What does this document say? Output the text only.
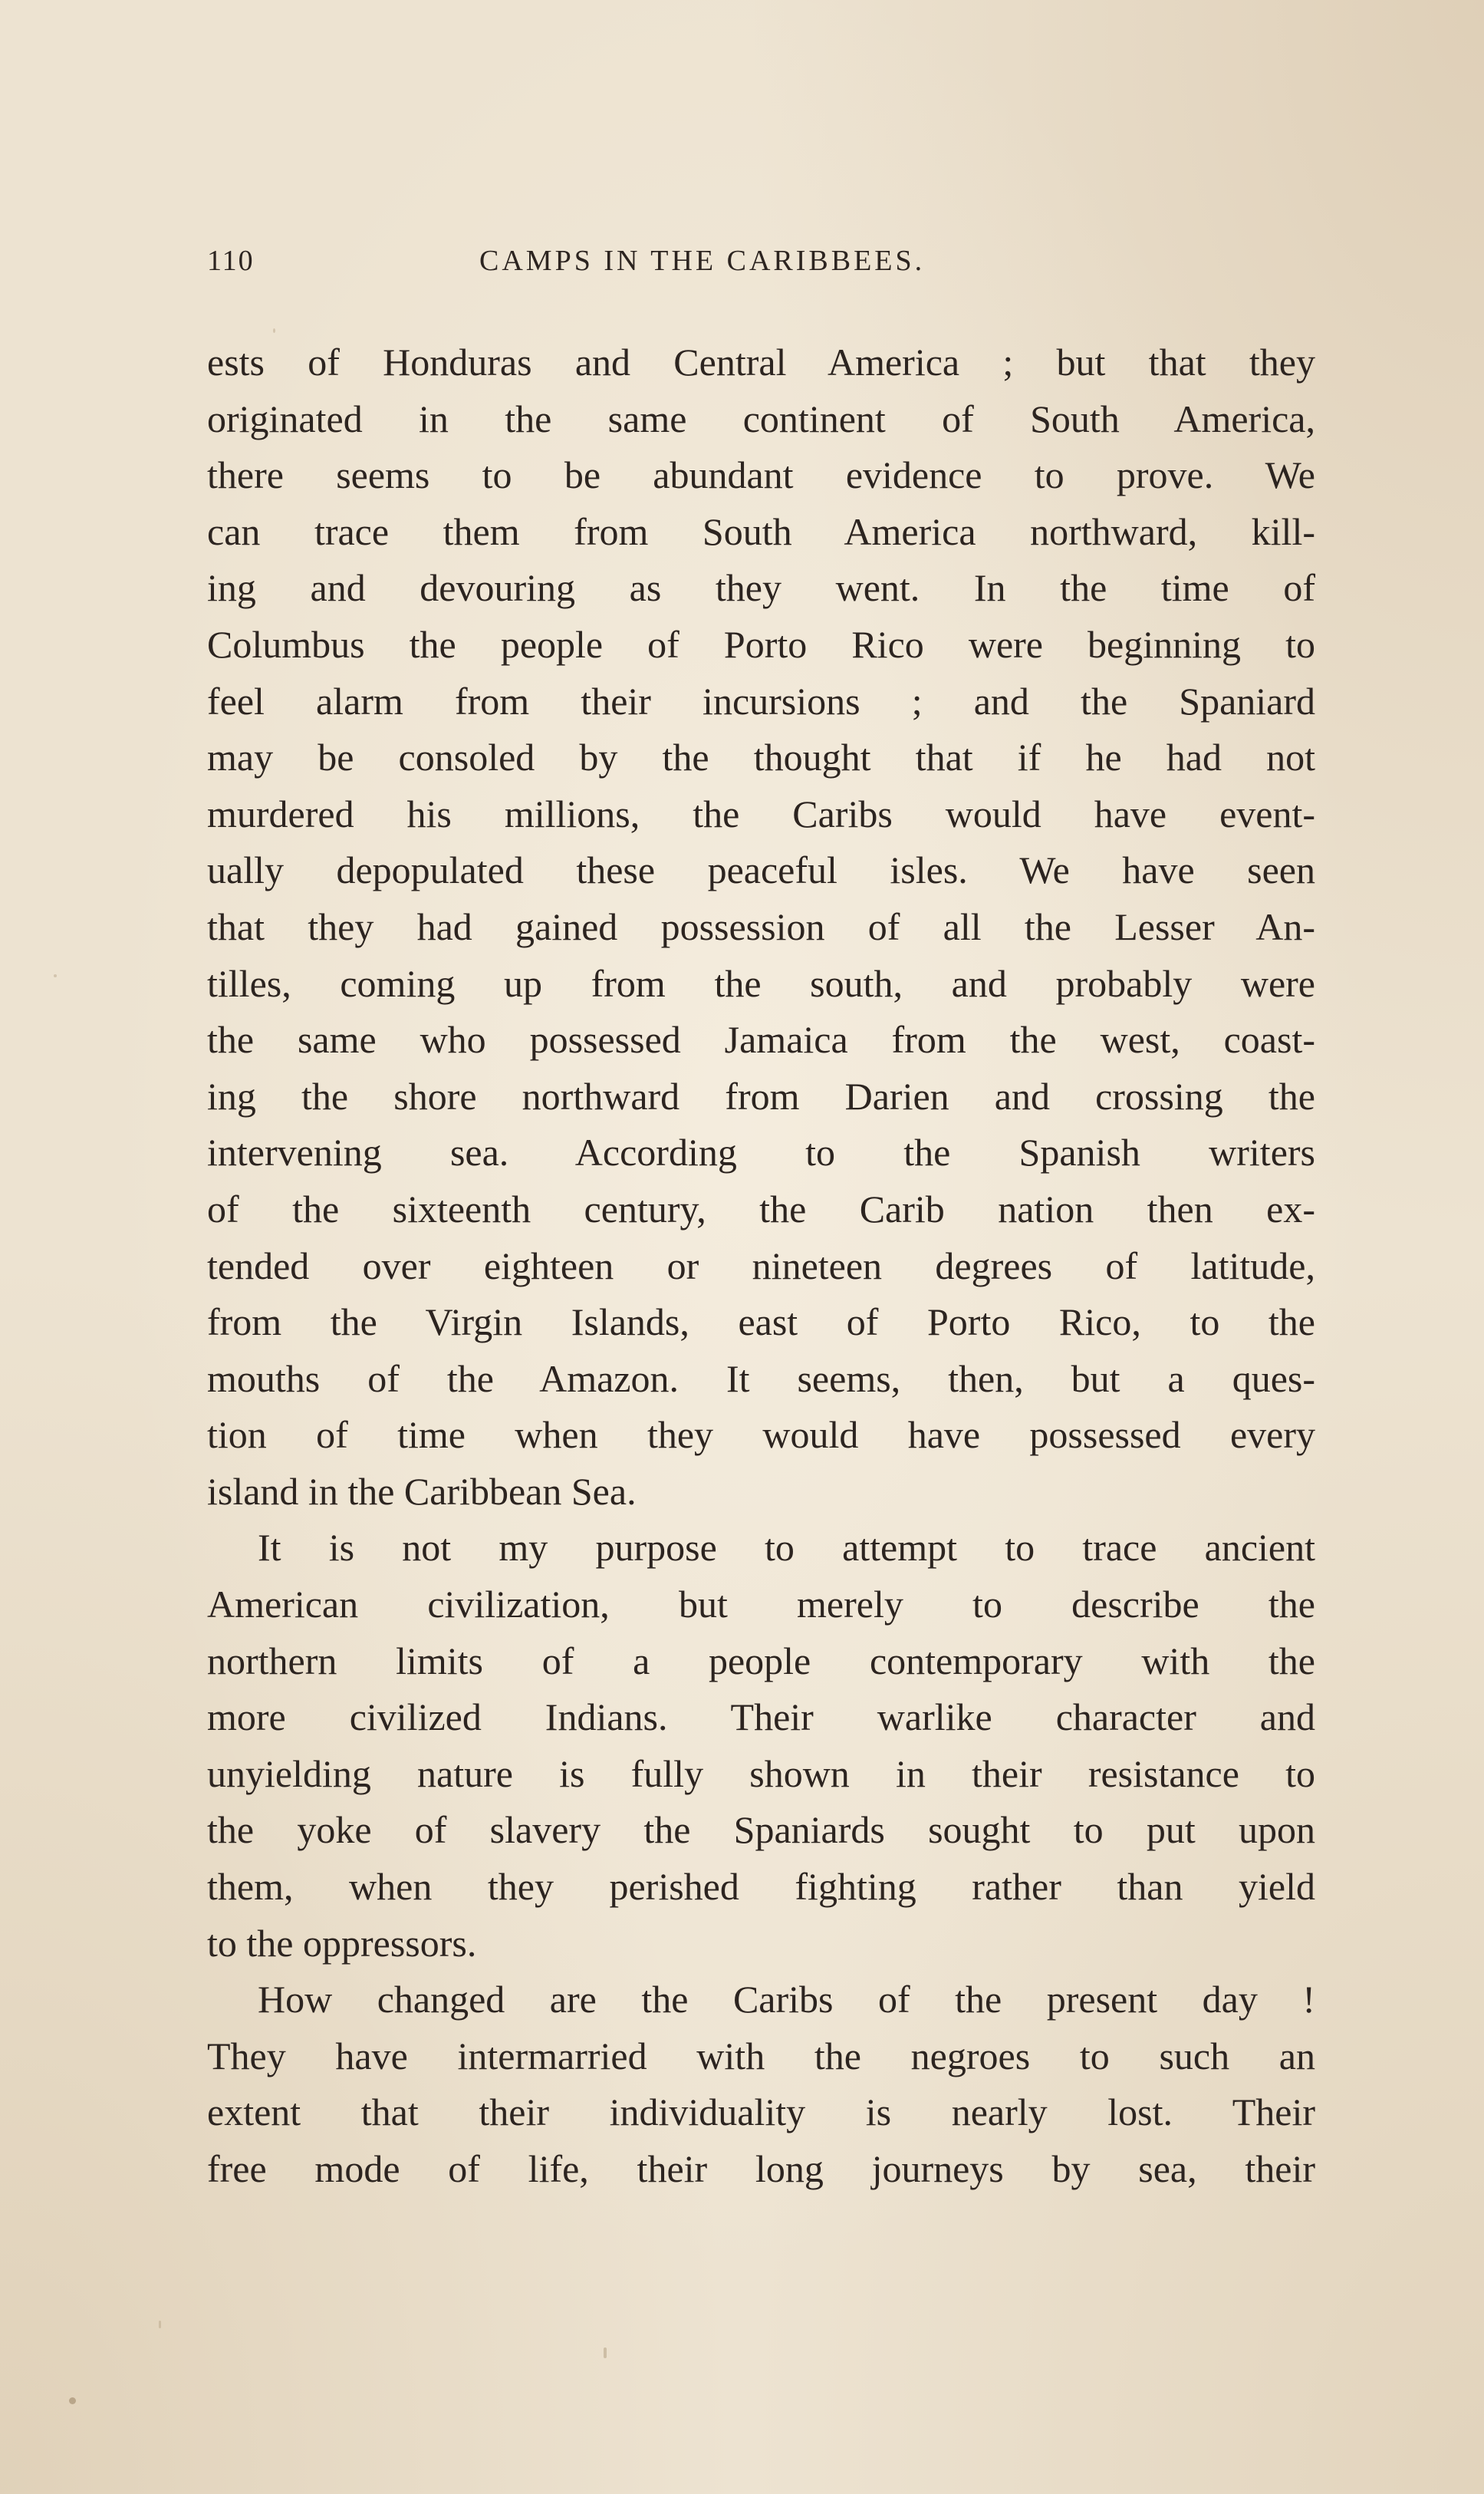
110	CAMPS IN THE CARIBBEES.
ests of Honduras and Central America ; but that they
originated in the same continent of South America,
there seems to be abundant evidence to prove. We
can trace them from South America northward, kill-
ing and devouring as they went. In the time of
Columbus the people of Porto Rico were beginning to
feel alarm from their incursions ; and the Spaniard
may be consoled by the thought that if he had not
murdered his millions, the Caribs would have event-
ually depopulated these peaceful isles. We have seen
that they had gained possession of all the Lesser An-
tilles, coming up from the south, and probably were
the same who possessed Jamaica from the west, coast-
ing the shore northward from Darien and crossing the
intervening sea. According to the Spanish writers
of the sixteenth century, the Carib nation then ex-
tended over eighteen or nineteen degrees of latitude,
from the Virgin Islands, east of Porto Rico, to the
mouths of the Amazon. It seems, then, but a ques-
tion of time when they would have possessed every
island in the Caribbean Sea.
It is not my purpose to attempt to trace ancient
American civilization, but merely to describe the
northern limits of a people contemporary with the
more civilized Indians. Their warlike character and
unyielding nature is fully shown in their resistance to
the yoke of slavery the Spaniards sought to put upon
them, when they perished fighting rather than yield
to the oppressors.
How changed are the Caribs of the present day !
They have intermarried with the negroes to such an
extent that their individuality is nearly lost. Their
free mode of life, their long journeys by sea, their
